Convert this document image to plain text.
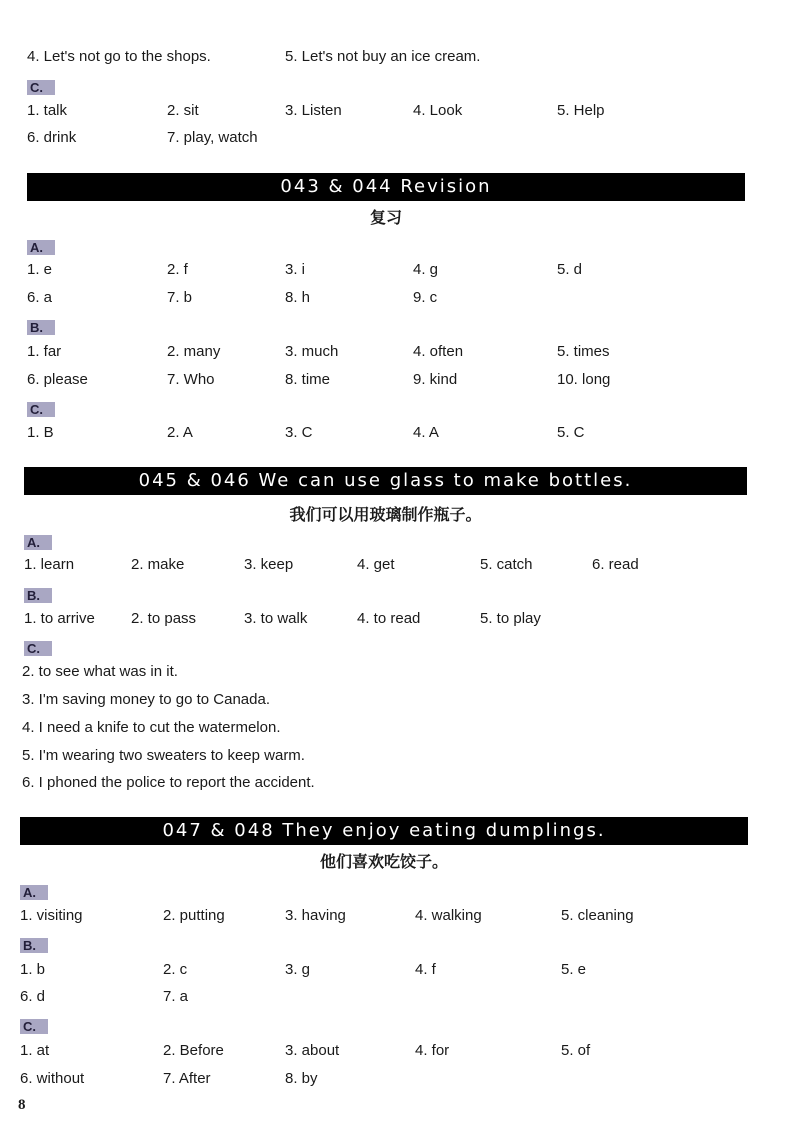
4. Let's not go to the shops.	5. Let's not buy an ice cream.
C.
1. talk	2. sit	3. Listen	4. Look	5. Help
6. drink	7. play, watch
043 & 044 Revision
复习
A.
1. e	2. f	3. i	4. g	5. d
6. a	7. b	8. h	9. c
B.
1. far	2. many	3. much	4. often	5. times
6. please	7. Who	8. time	9. kind	10. long
C.
1. B	2. A	3. C	4. A	5. C
045 & 046 We can use glass to make bottles.
我们可以用玻璃制作瓶子。
A.
1. learn	2. make	3. keep	4. get	5. catch	6. read
B.
1. to arrive 2. to pass	3. to walk	4. to read	5. to play
C.
2. to see what was in it.
3. I'm saving money to go to Canada.
4. I need a knife to cut the watermelon.
5. I'm wearing two sweaters to keep warm.
6. I phoned the police to report the accident.
047 & 048 They enjoy eating dumplings.
他们喜欢吃饺子。
A.
1. visiting	2. putting	3. having	4. walking	5. cleaning
B.
1. b	2. c	3. g	4. f	5. e
6. d	7. a
C.
1. at	2. Before	3. about	4. for	5. of
6. without	7. After	8. by
8
